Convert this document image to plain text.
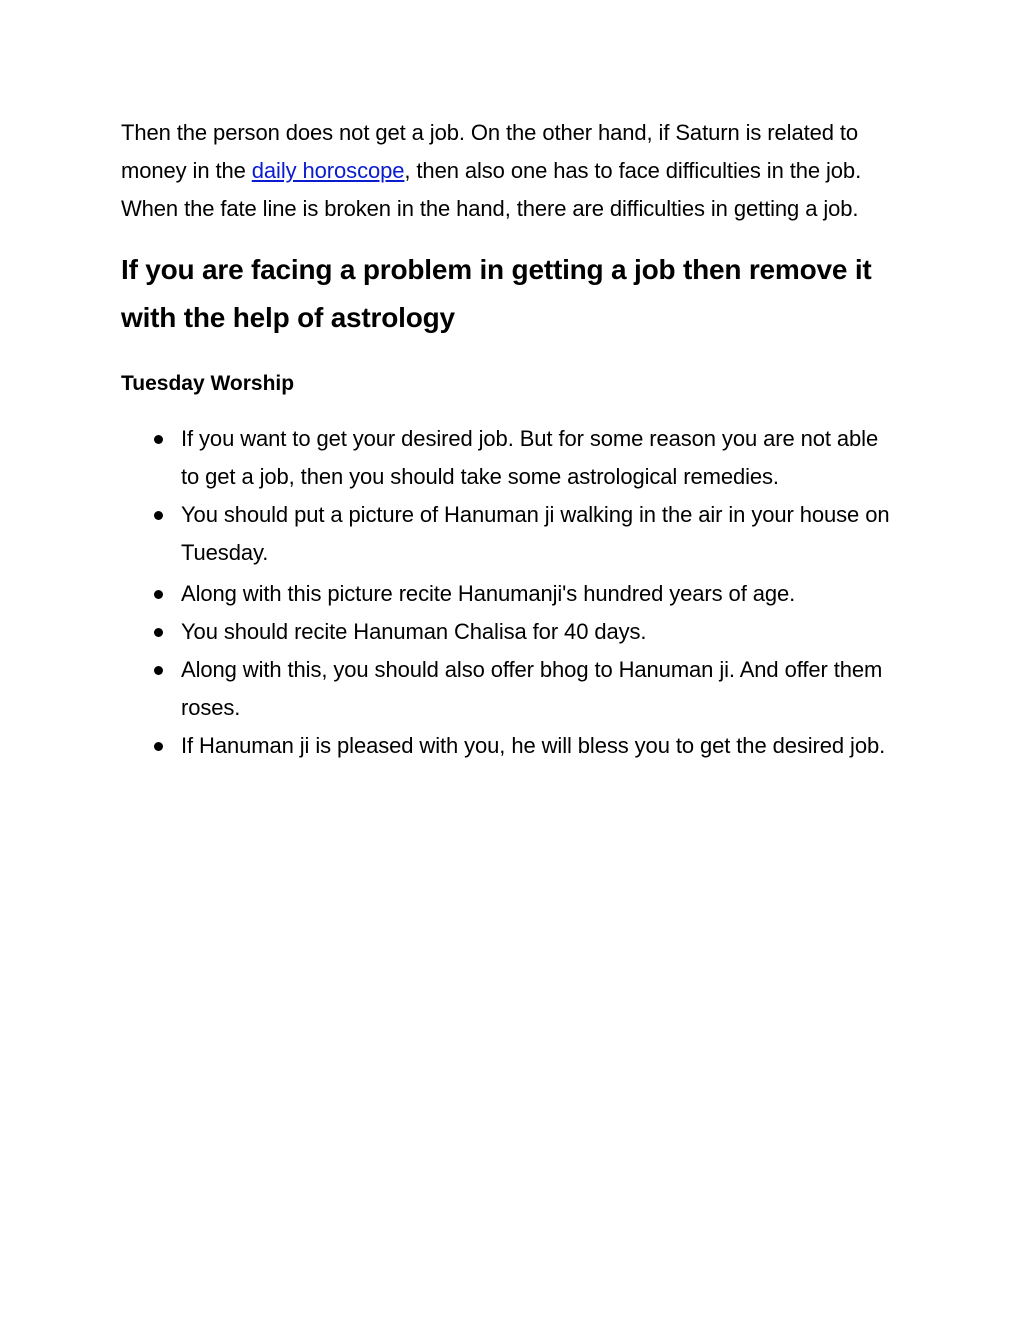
Then the person does not get a job. On the other hand, if Saturn is related to money in the daily horoscope, then also one has to face difficulties in the job. When the fate line is broken in the hand, there are difficulties in getting a job.

If you are facing a problem in getting a job then remove it with the help of astrology
Tuesday Worship
If you want to get your desired job. But for some reason you are not able to get a job, then you should take some astrological remedies.
You should put a picture of Hanuman ji walking in the air in your house on Tuesday.
Along with this picture recite Hanumanji's hundred years of age.
You should recite Hanuman Chalisa for 40 days.
Along with this, you should also offer bhog to Hanuman ji. And offer them roses.
If Hanuman ji is pleased with you, he will bless you to get the desired job.
